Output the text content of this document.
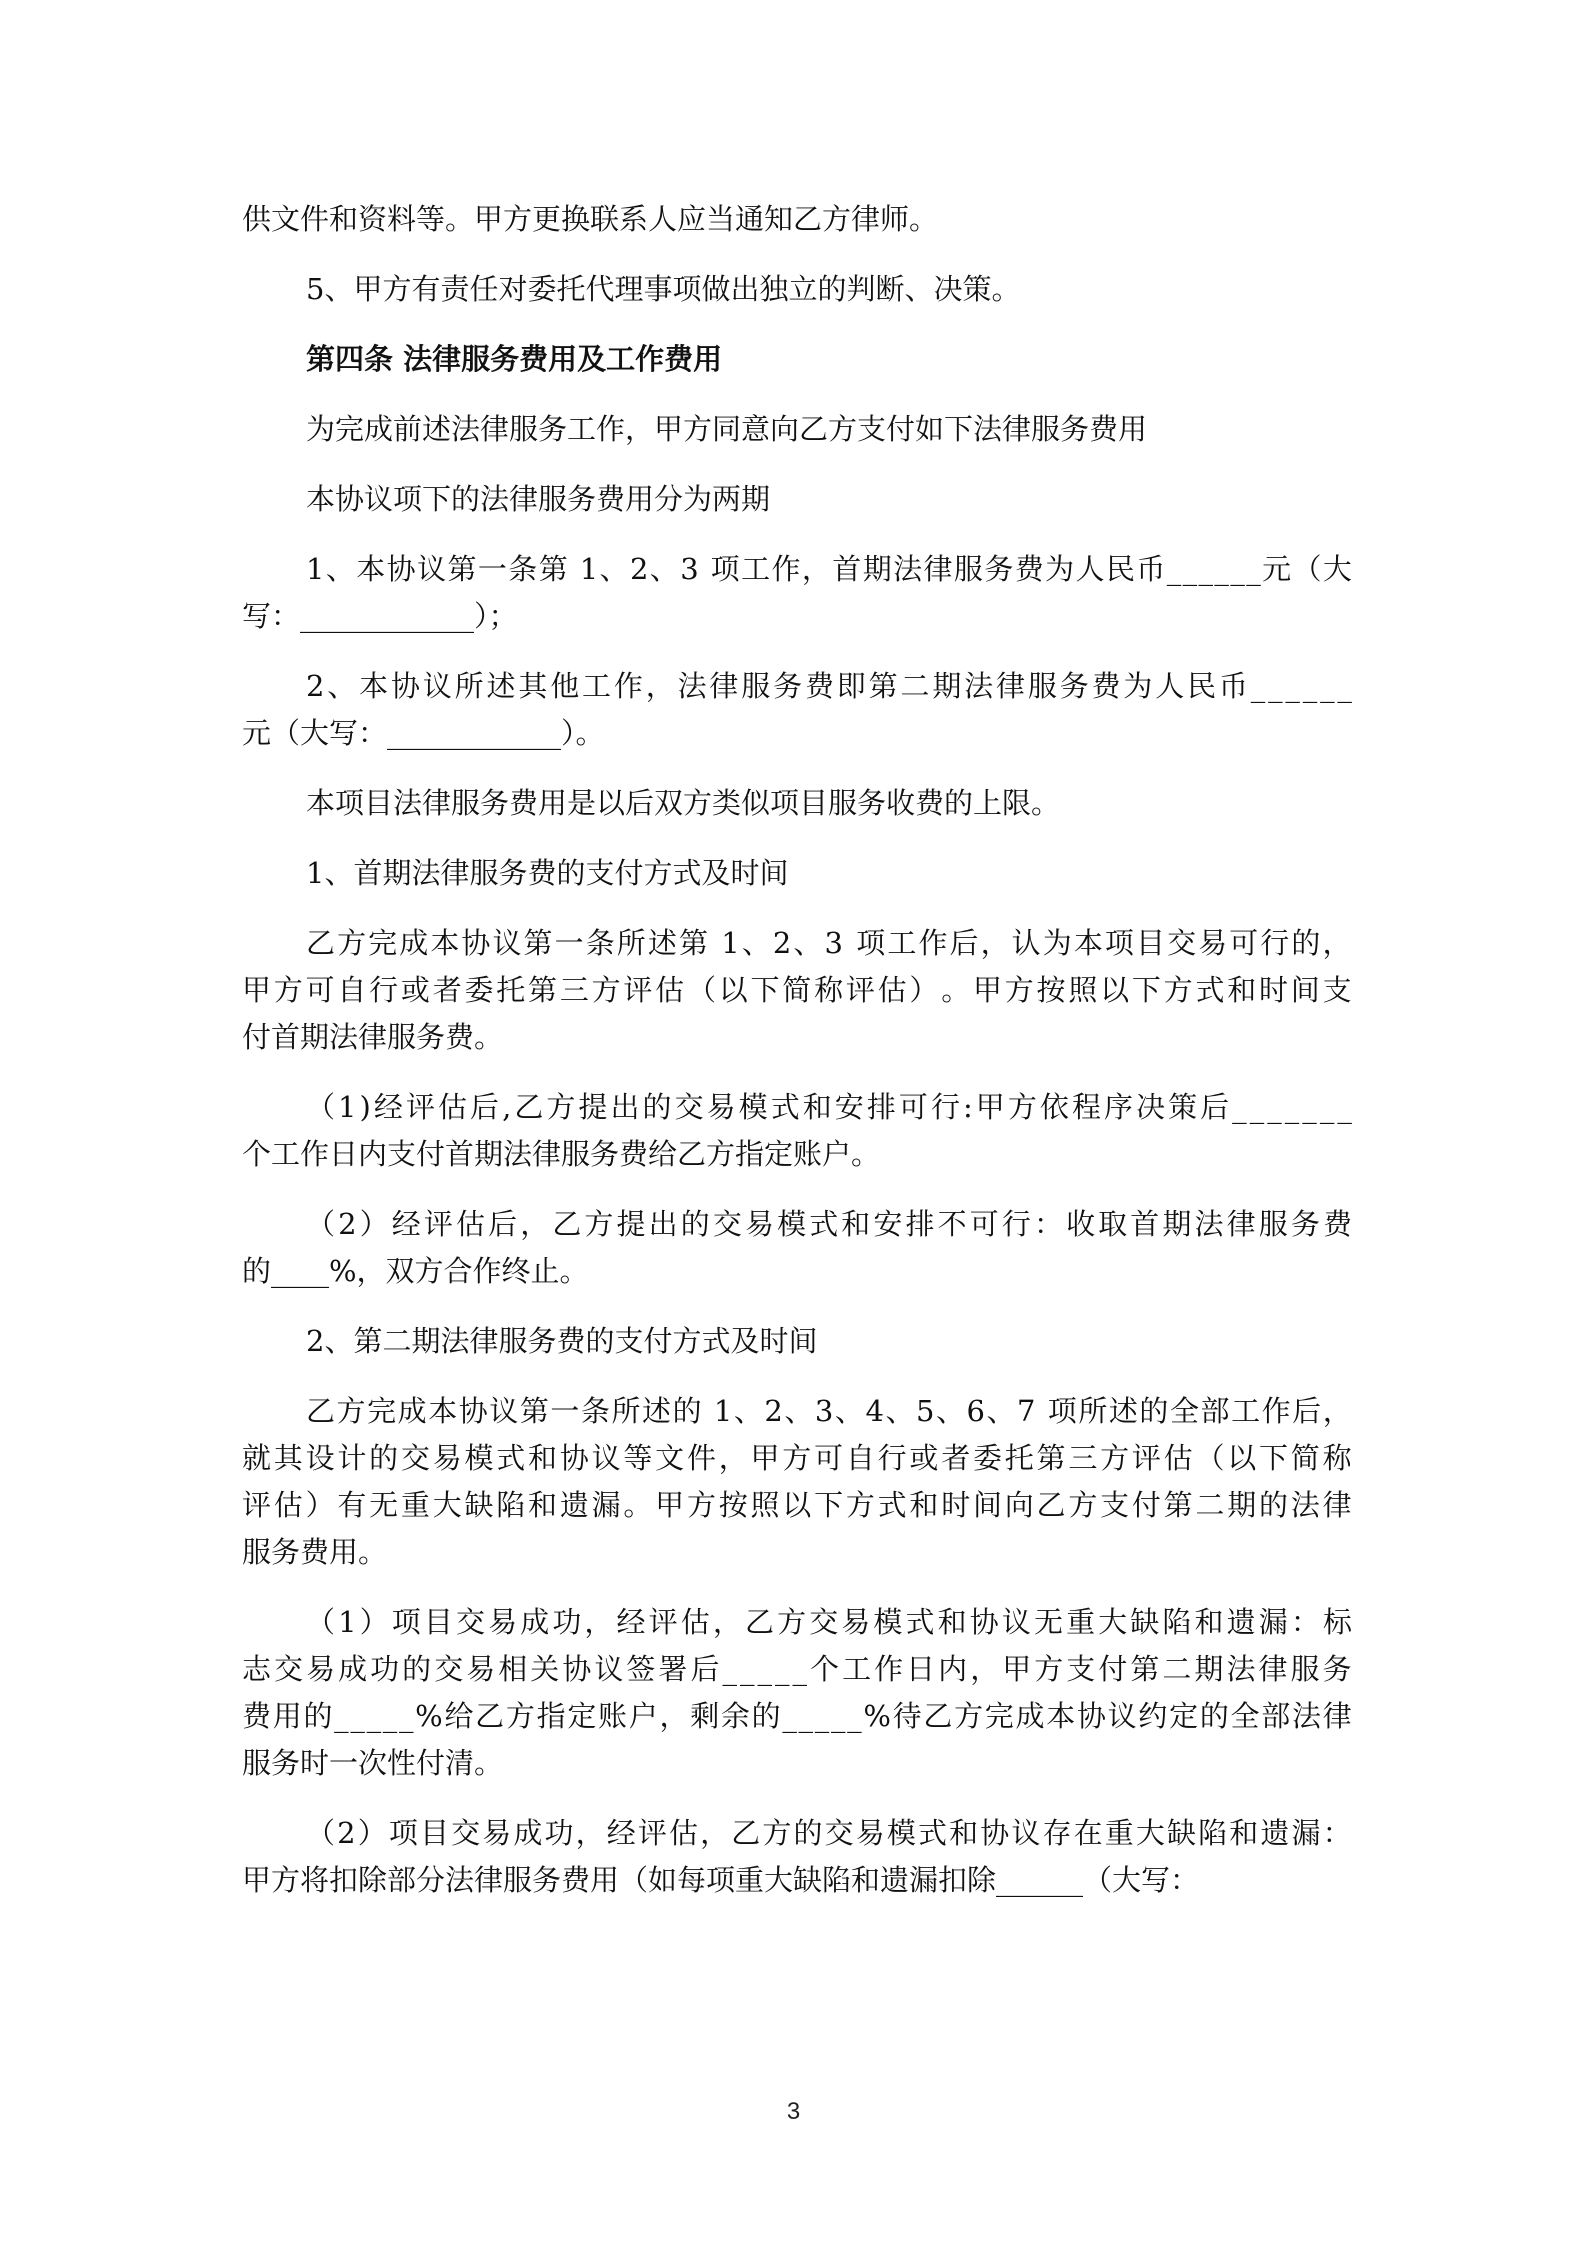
供文件和资料等。甲方更换联系人应当通知乙方律师。
5、甲方有责任对委托代理事项做出独立的判断、决策。
第四条 法律服务费用及工作费用
为完成前述法律服务工作，甲方同意向乙方支付如下法律服务费用
本协议项下的法律服务费用分为两期
1 、 本 协 议 第 一 条 第
1 、 2 、 3
项 工 作 ， 首 期 法 律 服 务 费 为 人 民 币 _ _ _ _ _ _ 元 （ 大
写：____________）；
2 、 本 协 议 所 述 其 他 工 作 ， 法 律 服 务 费 即 第 二 期 法 律 服 务 费 为 人 民 币 _ _ _ _ _ _
元（大写：____________）。
本项目法律服务费用是以后双方类似项目服务收费的上限。
1、首期法律服务费的支付方式及时间
乙 方 完 成 本 协 议 第 一 条 所 述 第
1 、 2 、 3
项 工 作 后 ， 认 为 本 项 目 交 易 可 行 的 ，
甲 方 可 自 行 或 者 委 托 第 三 方 评 估 （ 以 下 简 称 评 估 ） 。 甲 方 按 照 以 下 方 式 和 时 间 支
付首期法律服务费。
（ 1 ) 经 评 估 后 , 乙 方 提 出 的 交 易 模 式 和 安 排 可 行 : 甲 方 依 程 序 决 策 后 _ _ _ _ _ _ _
个工作日内支付首期法律服务费给乙方指定账户。
（ 2 ） 经 评 估 后 ， 乙 方 提 出 的 交 易 模 式 和 安 排 不 可 行 ： 收 取 首 期 法 律 服 务 费
的____%，双方合作终止。
2、第二期法律服务费的支付方式及时间
乙 方 完 成 本 协 议 第 一 条 所 述 的
1 、 2 、 3 、 4 、 5 、 6 、 7
项 所 述 的 全 部 工 作 后 ，
就 其 设 计 的 交 易 模 式 和 协 议 等 文 件 ， 甲 方 可 自 行 或 者 委 托 第 三 方 评 估 （ 以 下 简 称
评 估 ） 有 无 重 大 缺 陷 和 遗 漏 。 甲 方 按 照 以 下 方 式 和 时 间 向 乙 方 支 付 第 二 期 的 法 律
服务费用。
（ 1 ） 项 目 交 易 成 功 ， 经 评 估 ， 乙 方 交 易 模 式 和 协 议 无 重 大 缺 陷 和 遗 漏 ： 标
志 交 易 成 功 的 交 易 相 关 协 议 签 署 后 _ _ _ _ _ 个 工 作 日 内 ， 甲 方 支 付 第 二 期 法 律 服 务
费 用 的 _ _ _ _ _ % 给 乙 方 指 定 账 户 ， 剩 余 的 _ _ _ _ _ % 待 乙 方 完 成 本 协 议 约 定 的 全 部 法 律
服务时一次性付清。
（ 2 ） 项 目 交 易 成 功 ， 经 评 估 ， 乙 方 的 交 易 模 式 和 协 议 存 在 重 大 缺 陷 和 遗 漏 ：
甲方将扣除部分法律服务费用（如每项重大缺陷和遗漏扣除______（大写：
3
